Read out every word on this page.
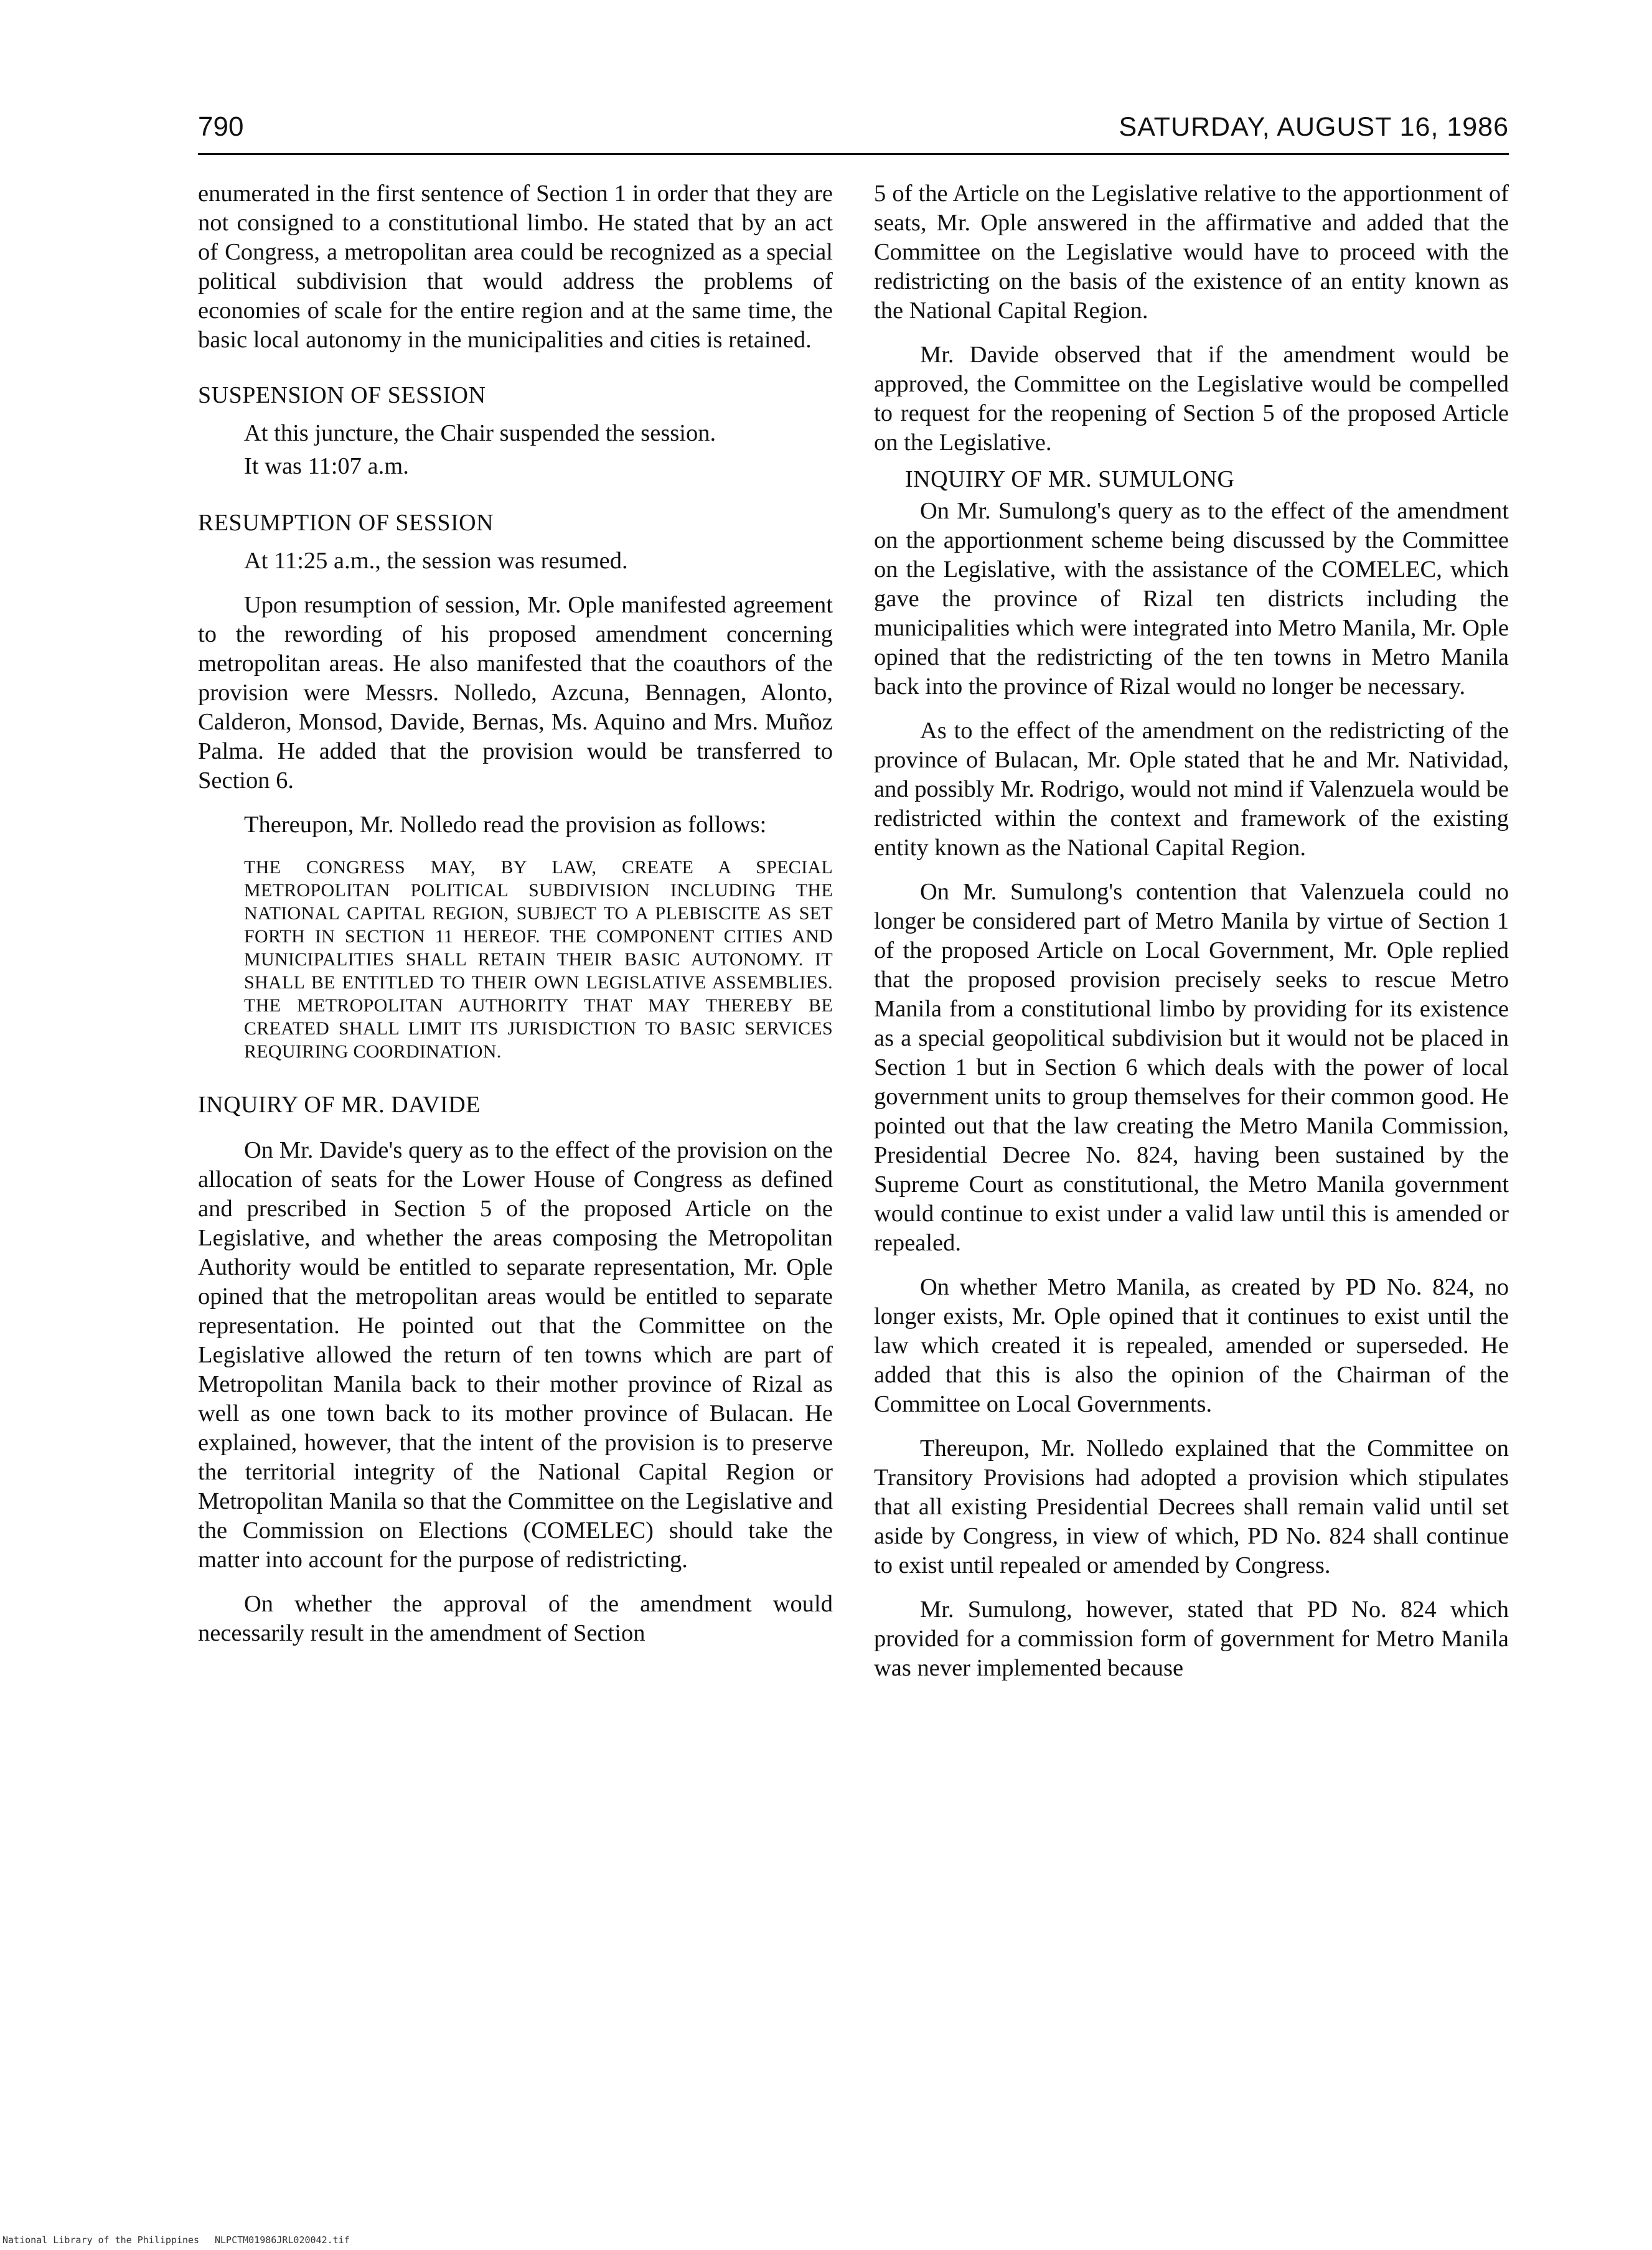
790	SATURDAY, AUGUST 16, 1986

enumerated in the first sentence of Section 1 in order that they are not consigned to a constitutional limbo. He stated that by an act of Congress, a metropolitan area could be recognized as a special political subdivision that would address the problems of economies of scale for the entire region and at the same time, the basic local autonomy in the municipalities and cities is retained.

SUSPENSION OF SESSION

At this juncture, the Chair suspended the session.

It was 11:07 a.m.

RESUMPTION OF SESSION

At 11:25 a.m., the session was resumed.

Upon resumption of session, Mr. Ople manifested agreement to the rewording of his proposed amendment concerning metropolitan areas. He also manifested that the coauthors of the provision were Messrs. Nolledo, Azcuna, Bennagen, Alonto, Calderon, Monsod, Davide, Bernas, Ms. Aquino and Mrs. Muñoz Palma. He added that the provision would be transferred to Section 6.

Thereupon, Mr. Nolledo read the provision as follows:

THE CONGRESS MAY, BY LAW, CREATE A SPECIAL METROPOLITAN POLITICAL SUBDIVISION INCLUDING THE NATIONAL CAPITAL REGION, SUBJECT TO A PLEBISCITE AS SET FORTH IN SECTION 11 HEREOF. THE COMPONENT CITIES AND MUNICIPALITIES SHALL RETAIN THEIR BASIC AUTONOMY. IT SHALL BE ENTITLED TO THEIR OWN LEGISLATIVE ASSEMBLIES. THE METROPOLITAN AUTHORITY THAT MAY THEREBY BE CREATED SHALL LIMIT ITS JURISDICTION TO BASIC SERVICES REQUIRING COORDINATION.
INQUIRY OF MR. DAVIDE

On Mr. Davide's query as to the effect of the provision on the allocation of seats for the Lower House of Congress as defined and prescribed in Section 5 of the proposed Article on the Legislative, and whether the areas composing the Metropolitan Authority would be entitled to separate representation, Mr. Ople opined that the metropolitan areas would be entitled to separate representation. He pointed out that the Committee on the Legislative allowed the return of ten towns which are part of Metropolitan Manila back to their mother province of Rizal as well as one town back to its mother province of Bulacan. He explained, however, that the intent of the provision is to preserve the territorial integrity of the National Capital Region or Metropolitan Manila so that the Committee on the Legislative and the Commission on Elections (COMELEC) should take the matter into account for the purpose of redistricting.

On whether the approval of the amendment would necessarily result in the amendment of Section

5 of the Article on the Legislative relative to the apportionment of seats, Mr. Ople answered in the affirmative and added that the Committee on the Legislative would have to proceed with the redistricting on the basis of the existence of an entity known as the National Capital Region.

Mr. Davide observed that if the amendment would be approved, the Committee on the Legislative would be compelled to request for the reopening of Section 5 of the proposed Article on the Legislative.

INQUIRY OF MR. SUMULONG

On Mr. Sumulong's query as to the effect of the amendment on the apportionment scheme being discussed by the Committee on the Legislative, with the assistance of the COMELEC, which gave the province of Rizal ten districts including the municipalities which were integrated into Metro Manila, Mr. Ople opined that the redistricting of the ten towns in Metro Manila back into the province of Rizal would no longer be necessary.

As to the effect of the amendment on the redistricting of the province of Bulacan, Mr. Ople stated that he and Mr. Natividad, and possibly Mr. Rodrigo, would not mind if Valenzuela would be redistricted within the context and framework of the existing entity known as the National Capital Region.

On Mr. Sumulong's contention that Valenzuela could no longer be considered part of Metro Manila by virtue of Section 1 of the proposed Article on Local Government, Mr. Ople replied that the proposed provision precisely seeks to rescue Metro Manila from a constitutional limbo by providing for its existence as a special geopolitical subdivision but it would not be placed in Section 1 but in Section 6 which deals with the power of local government units to group themselves for their common good. He pointed out that the law creating the Metro Manila Commission, Presidential Decree No. 824, having been sustained by the Supreme Court as constitutional, the Metro Manila government would continue to exist under a valid law until this is amended or repealed.

On whether Metro Manila, as created by PD No. 824, no longer exists, Mr. Ople opined that it continues to exist until the law which created it is repealed, amended or superseded. He added that this is also the opinion of the Chairman of the Committee on Local Governments.

Thereupon, Mr. Nolledo explained that the Committee on Transitory Provisions had adopted a provision which stipulates that all existing Presidential Decrees shall remain valid until set aside by Congress, in view of which, PD No. 824 shall continue to exist until repealed or amended by Congress.

Mr. Sumulong, however, stated that PD No. 824 which provided for a commission form of government for Metro Manila was never implemented because

National Library of the Philippines NLPCTM01986JRL020042.tif
